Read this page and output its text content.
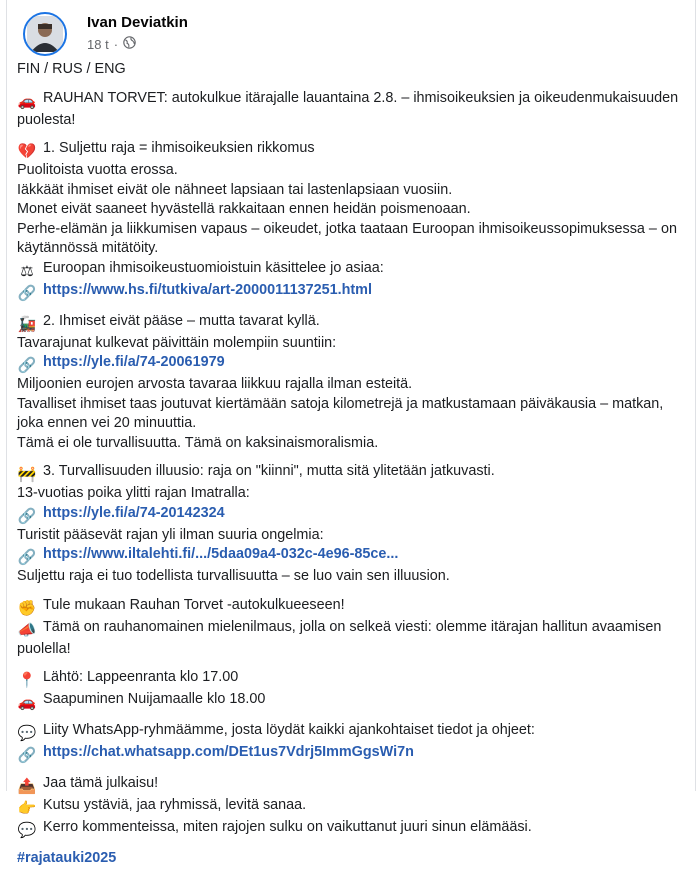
Ivan Deviatkin
18 t ·

FIN / RUS / ENG

🚗 RAUHAN TORVET: autokulkue itärajalle lauantaina 2.8. – ihmisoikeuksien ja oikeudenmukaisuuden puolesta!

💔 1. Suljettu raja = ihmisoikeuksien rikkomus

Puolitoista vuotta erossa.

Iäkkäät ihmiset eivät ole nähneet lapsiaan tai lastenlapsiaan vuosiin.

Monet eivät saaneet hyvästellä rakkaitaan ennen heidän poismenoaan.

Perhe-elämän ja liikkumisen vapaus – oikeudet, jotka taataan Euroopan ihmisoikeussopimuksessa – on käytännössä mitätöity.

⚖ Euroopan ihmisoikeustuomioistuin käsittelee jo asiaa:

🔗 https://www.hs.fi/tutkiva/art-2000011137251.html

🚂 2. Ihmiset eivät pääse – mutta tavarat kyllä.

Tavarajunat kulkevat päivittäin molempiin suuntiin:

🔗 https://yle.fi/a/74-20061979

Miljoonien eurojen arvosta tavaraa liikkuu rajalla ilman esteitä.

Tavalliset ihmiset taas joutuvat kiertämään satoja kilometrejä ja matkustamaan päiväkausia – matkan, joka ennen vei 20 minuuttia.

Tämä ei ole turvallisuutta. Tämä on kaksinaismoralismia.

🚧 3. Turvallisuuden illuusio: raja on "kiinni", mutta sitä ylitetään jatkuvasti.

13-vuotias poika ylitti rajan Imatralla:

🔗 https://yle.fi/a/74-20142324

Turistit pääsevät rajan yli ilman suuria ongelmia:

🔗 https://www.iltalehti.fi/.../5daa09a4-032c-4e96-85ce...

Suljettu raja ei tuo todellista turvallisuutta – se luo vain sen illuusion.

✊ Tule mukaan Rauhan Torvet -autokulkueeseen!

📣 Tämä on rauhanomainen mielenilmaus, jolla on selkeä viesti: olemme itärajan hallitun avaamisen puolella!

📍 Lähtö: Lappeenranta klo 17.00

🚗 Saapuminen Nuijamaalle klo 18.00

💬 Liity WhatsApp-ryhmäämme, josta löydät kaikki ajankohtaiset tiedot ja ohjeet:

🔗 https://chat.whatsapp.com/DEt1us7Vdrj5ImmGgsWi7n

📤 Jaa tämä julkaisu!

👉 Kutsu ystäviä, jaa ryhmissä, levitä sanaa.

💬 Kerro kommenteissa, miten rajojen sulku on vaikuttanut juuri sinun elämääsi.

#rajatauki2025
